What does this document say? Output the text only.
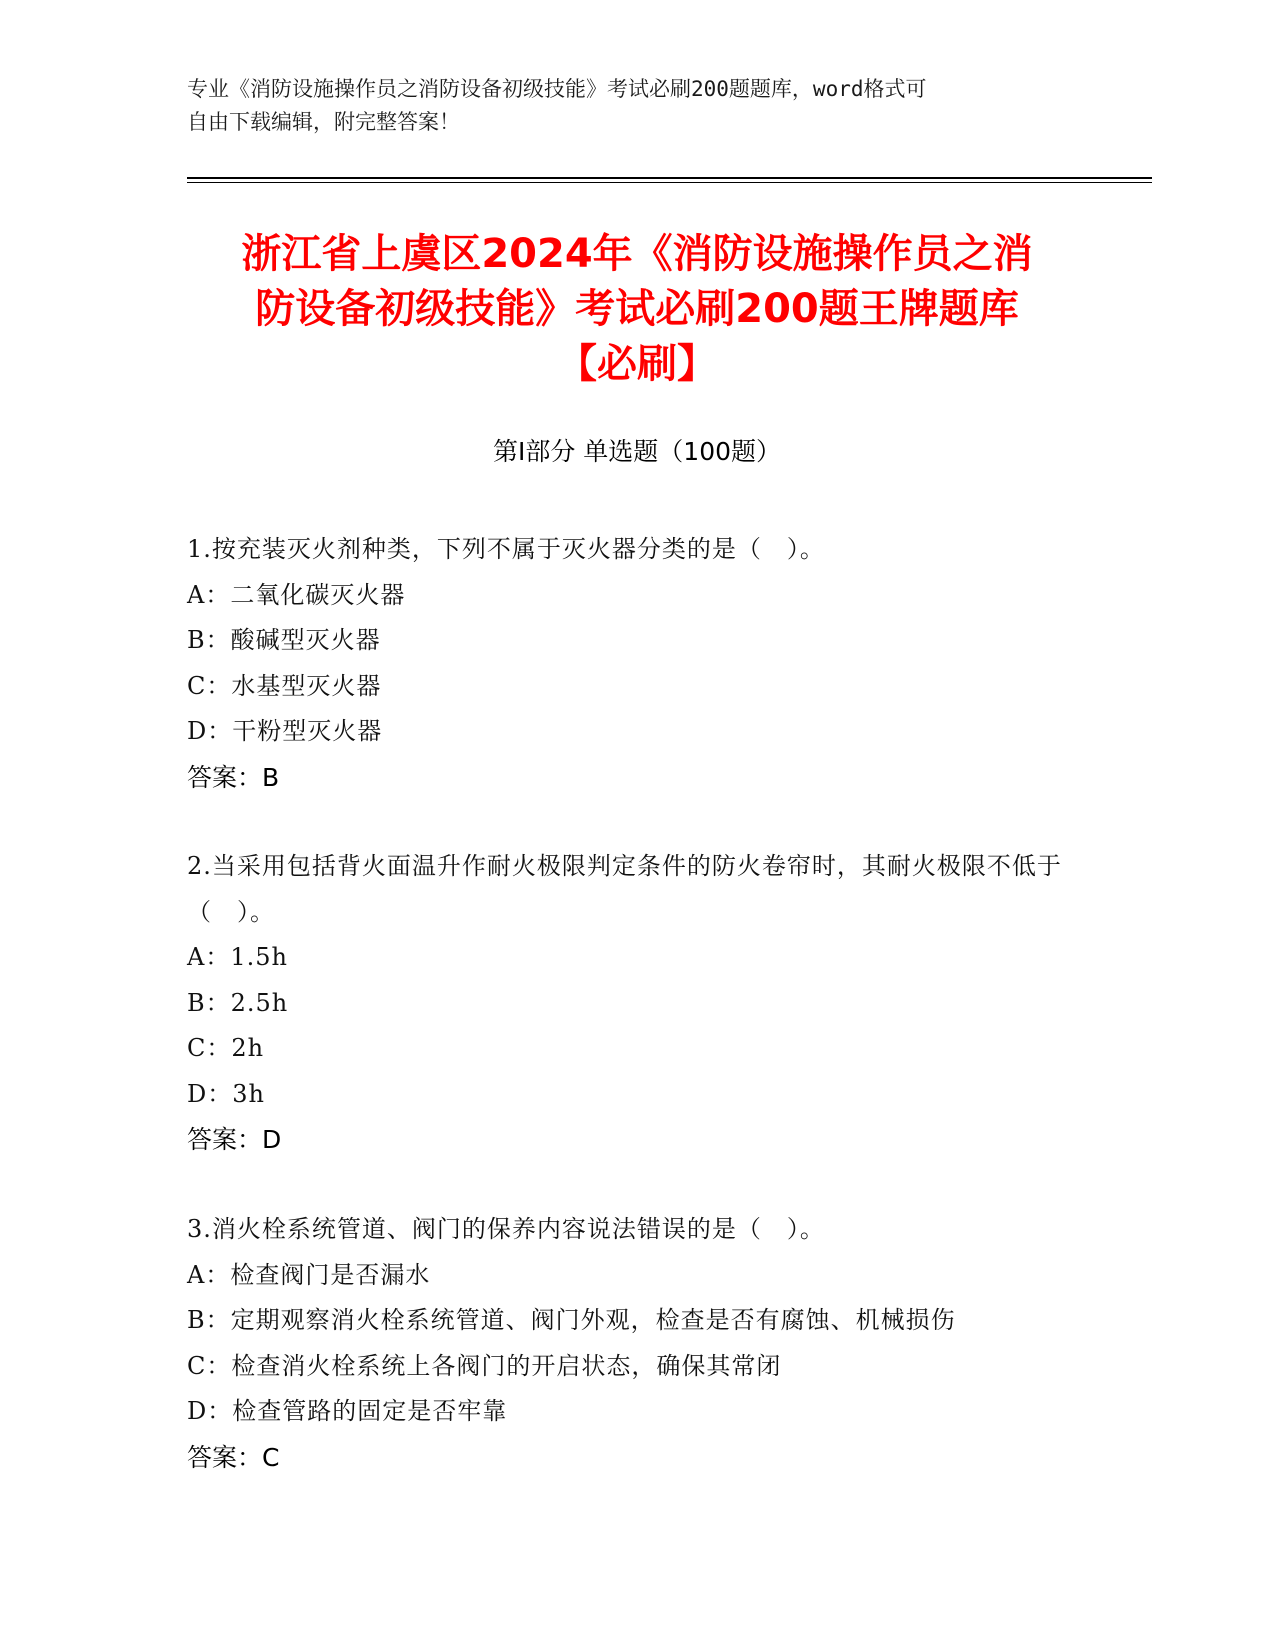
专业《消防设施操作员之消防设备初级技能》考试必刷200题题库，word格式可
自由下载编辑，附完整答案！
浙江省上虞区2024年《消防设施操作员之消
防设备初级技能》考试必刷200题王牌题库
【必刷】
第I部分 单选题（100题）
1.按充装灭火剂种类，下列不属于灭火器分类的是（　）。
A：二氧化碳灭火器
B：酸碱型灭火器
C：水基型灭火器
D：干粉型灭火器
答案：B
2.当采用包括背火面温升作耐火极限判定条件的防火卷帘时，其耐火极限不低于（　）。
A：1.5h
B：2.5h
C：2h
D：3h
答案：D
3.消火栓系统管道、阀门的保养内容说法错误的是（　）。
A：检查阀门是否漏水
B：定期观察消火栓系统管道、阀门外观，检查是否有腐蚀、机械损伤
C：检查消火栓系统上各阀门的开启状态，确保其常闭
D：检查管路的固定是否牢靠
答案：C
